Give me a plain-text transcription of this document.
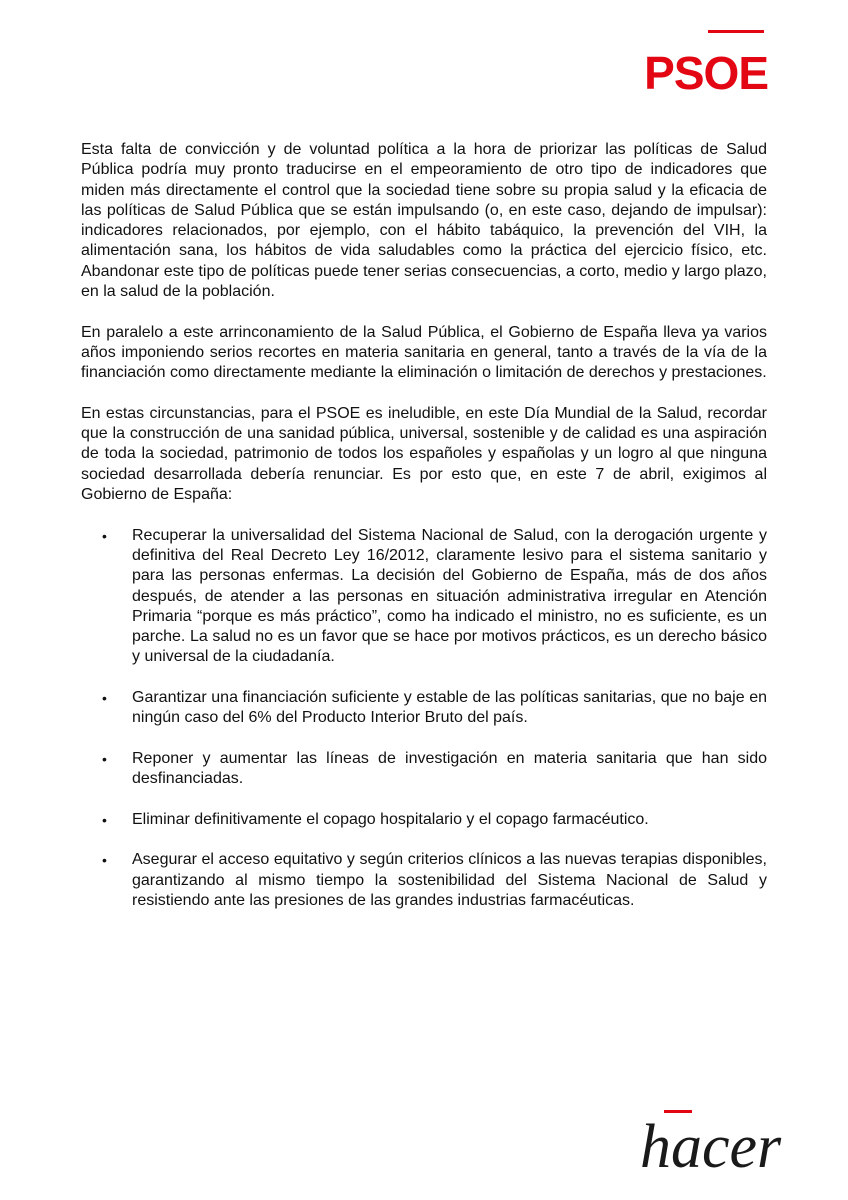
PSOE

Esta falta de convicción y de voluntad política a la hora de priorizar las políticas de Salud Pública podría muy pronto traducirse en el empeoramiento de otro tipo de indicadores que miden más directamente el control que la sociedad tiene sobre su propia salud y la eficacia de las políticas de Salud Pública que se están impulsando (o, en este caso, dejando de impulsar): indicadores relacionados, por ejemplo, con el hábito tabáquico, la prevención del VIH, la alimentación sana, los hábitos de vida saludables como la práctica del ejercicio físico, etc. Abandonar este tipo de políticas puede tener serias consecuencias, a corto, medio y largo plazo, en la salud de la población.

En paralelo a este arrinconamiento de la Salud Pública, el Gobierno de España lleva ya varios años imponiendo serios recortes en materia sanitaria en general, tanto a través de la vía de la financiación como directamente mediante la eliminación o limitación de derechos y prestaciones.

En estas circunstancias, para el PSOE es ineludible, en este Día Mundial de la Salud, recordar que la construcción de una sanidad pública, universal, sostenible y de calidad es una aspiración de toda la sociedad, patrimonio de todos los españoles y españolas y un logro al que ninguna sociedad desarrollada debería renunciar. Es por esto que, en este 7 de abril, exigimos al Gobierno de España:

•	Recuperar la universalidad del Sistema Nacional de Salud, con la derogación urgente y definitiva del Real Decreto Ley 16/2012, claramente lesivo para el sistema sanitario y para las personas enfermas. La decisión del Gobierno de España, más de dos años después, de atender a las personas en situación administrativa irregular en Atención Primaria “porque es más práctico”, como ha indicado el ministro, no es suficiente, es un parche. La salud no es un favor que se hace por motivos prácticos, es un derecho básico y universal de la ciudadanía.
•	Garantizar una financiación suficiente y estable de las políticas sanitarias, que no baje en ningún caso del 6% del Producto Interior Bruto del país.
•	Reponer y aumentar las líneas de investigación en materia sanitaria que han sido desfinanciadas.
•	Eliminar definitivamente el copago hospitalario y el copago farmacéutico.
•	Asegurar el acceso equitativo y según criterios clínicos a las nuevas terapias disponibles, garantizando al mismo tiempo la sostenibilidad del Sistema Nacional de Salud y resistiendo ante las presiones de las grandes industrias farmacéuticas.
hacer
